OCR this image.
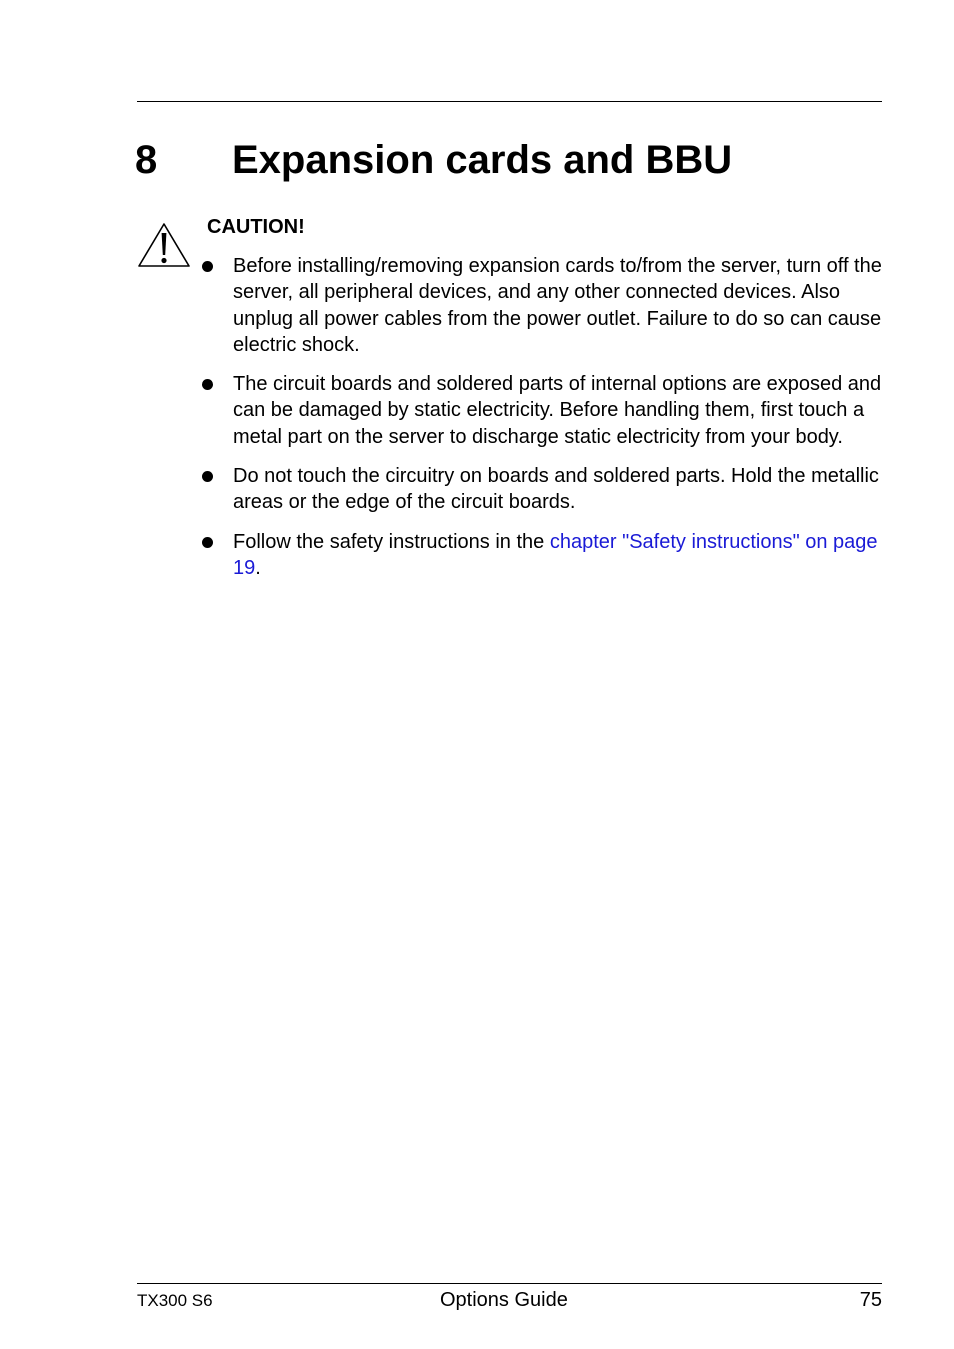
8 Expansion cards and BBU
CAUTION!
Before installing/removing expansion cards to/from the server, turn off the server, all peripheral devices, and any other connected devices. Also unplug all power cables from the power outlet. Failure to do so can cause electric shock.
The circuit boards and soldered parts of internal options are exposed and can be damaged by static electricity. Before handling them, first touch a metal part on the server to discharge static electricity from your body.
Do not touch the circuitry on boards and soldered parts. Hold the metallic areas or the edge of the circuit boards.
Follow the safety instructions in the chapter "Safety instructions" on page 19.
TX300 S6	Options Guide	75
